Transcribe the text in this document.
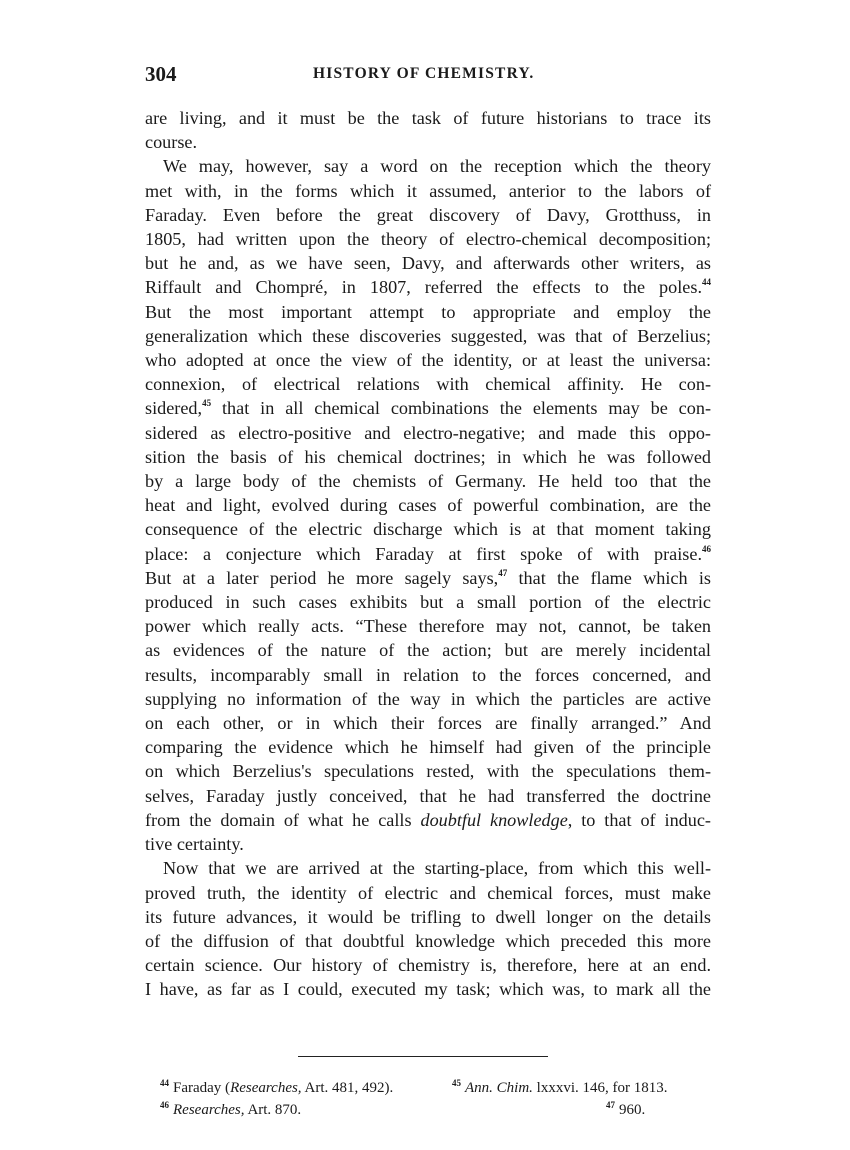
304	HISTORY OF CHEMISTRY.
are living, and it must be the task of future historians to trace its
course.
We may, however, say a word on the reception which the theory
met with, in the forms which it assumed, anterior to the labors of
Faraday. Even before the great discovery of Davy, Grotthuss, in
1805, had written upon the theory of electro-chemical decomposition;
but he and, as we have seen, Davy, and afterwards other writers, as
Riffault and Chompré, in 1807, referred the effects to the poles.$^{44}$
But the most important attempt to appropriate and employ the
generalization which these discoveries suggested, was that of Berzelius;
who adopted at once the view of the identity, or at least the universa:
connexion, of electrical relations with chemical affinity. He con-
sidered,$^{45}$ that in all chemical combinations the elements may be con-
sidered as electro-positive and electro-negative; and made this oppo-
sition the basis of his chemical doctrines; in which he was followed
by a large body of the chemists of Germany. He held too that the
heat and light, evolved during cases of powerful combination, are the
consequence of the electric discharge which is at that moment taking
place: a conjecture which Faraday at first spoke of with praise.$^{46}$
But at a later period he more sagely says,$^{47}$ that the flame which is
produced in such cases exhibits but a small portion of the electric
power which really acts. “These therefore may not, cannot, be taken
as evidences of the nature of the action; but are merely incidental
results, incomparably small in relation to the forces concerned, and
supplying no information of the way in which the particles are active
on each other, or in which their forces are finally arranged.” And
comparing the evidence which he himself had given of the principle
on which Berzelius's speculations rested, with the speculations them-
selves, Faraday justly conceived, that he had transferred the doctrine
from the domain of what he calls doubtful knowledge, to that of induc-
tive certainty.
Now that we are arrived at the starting-place, from which this well-
proved truth, the identity of electric and chemical forces, must make
its future advances, it would be trifling to dwell longer on the details
of the diffusion of that doubtful knowledge which preceded this more
certain science. Our history of chemistry is, therefore, here at an end.
I have, as far as I could, executed my task; which was, to mark all the
$^{44}$ Faraday (Researches, Art. 481, 492).	$^{45}$ Ann. Chim. lxxxvi. 146, for 1813.
$^{46}$ Researches, Art. 870.	$^{47}$ 960.
